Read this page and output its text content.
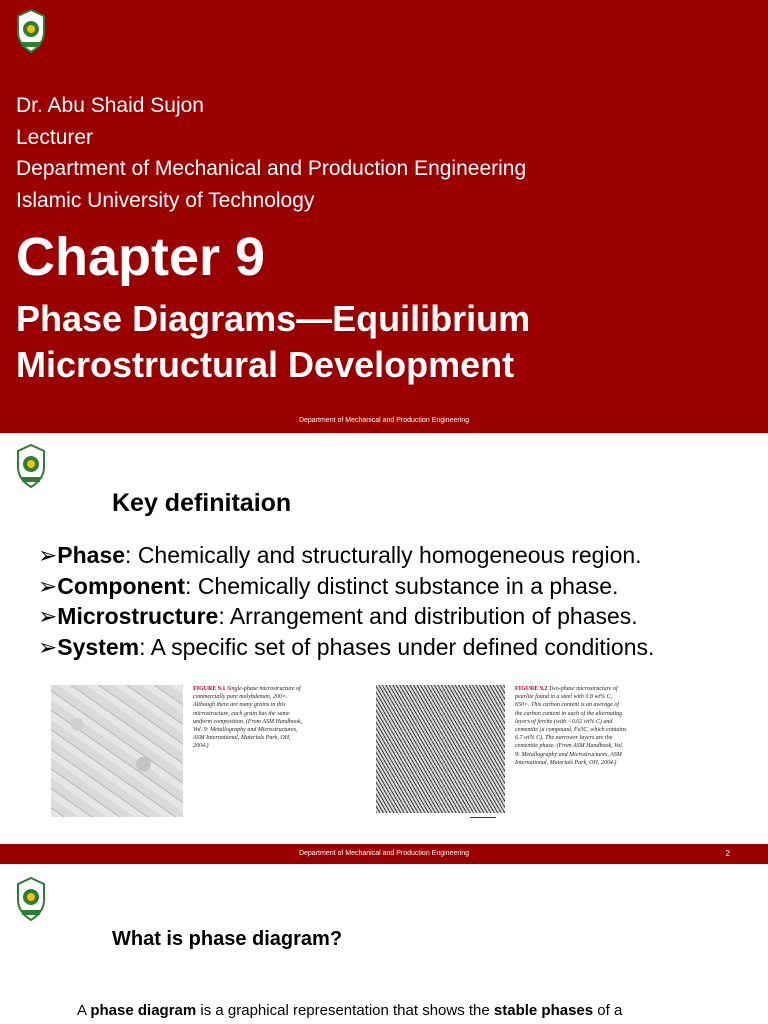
Dr. Abu Shaid Sujon
Lecturer
Department of Mechanical and Production Engineering
Islamic University of Technology
Chapter 9
Phase Diagrams—Equilibrium
Microstructural Development
Department of Mechanical and Production Engineering
Key definitaion
➢Phase: Chemically and structurally homogeneous region.
➢Component: Chemically distinct substance in a phase.
➢Microstructure: Arrangement and distribution of phases.
➢System: A specific set of phases under defined conditions.
FIGURE 9.1 Single-phase microstructure of commercially pure molybdenum, 200×. Although there are many grains in this microstructure, each grain has the same uniform composition. (From ASM Handbook, Vol. 9: Metallography and Microstructures, ASM International, Materials Park, OH, 2004.)
FIGURE 9.2 Two-phase microstructure of pearlite found in a steel with 0.8 wt% C, 650×. This carbon content is an average of the carbon content in each of the alternating layers of ferrite (with <0.02 wt% C) and cementite (a compound, Fe3C, which contains 6.7 wt% C). The narrower layers are the cementite phase. (From ASM Handbook, Vol. 9: Metallography and Microstructures, ASM International, Materials Park, OH, 2004.)
Department of Mechanical and Production Engineering	2
What is phase diagram?
A phase diagram is a graphical representation that shows the stable phases of a
